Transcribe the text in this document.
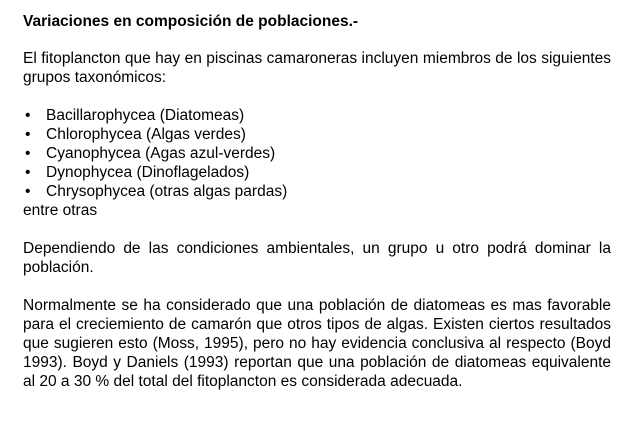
Variaciones en composición de poblaciones.-

El fitoplancton que hay en piscinas camaroneras incluyen miembros de los siguientes grupos taxonómicos:

• Bacillarophycea (Diatomeas)
• Chlorophycea (Algas verdes)
• Cyanophycea (Agas azul-verdes)
• Dynophycea (Dinoflagelados)
• Chrysophycea (otras algas pardas)
entre otras

Dependiendo de las condiciones ambientales, un grupo u otro podrá dominar la población.

Normalmente se ha considerado que una población de diatomeas es mas favorable para el creciemiento de camarón que otros tipos de algas. Existen ciertos resultados que sugieren esto (Moss, 1995), pero no hay evidencia conclusiva al respecto (Boyd 1993). Boyd y Daniels (1993) reportan que una población de diatomeas equivalente al 20 a 30 % del total del fitoplancton es considerada adecuada.
